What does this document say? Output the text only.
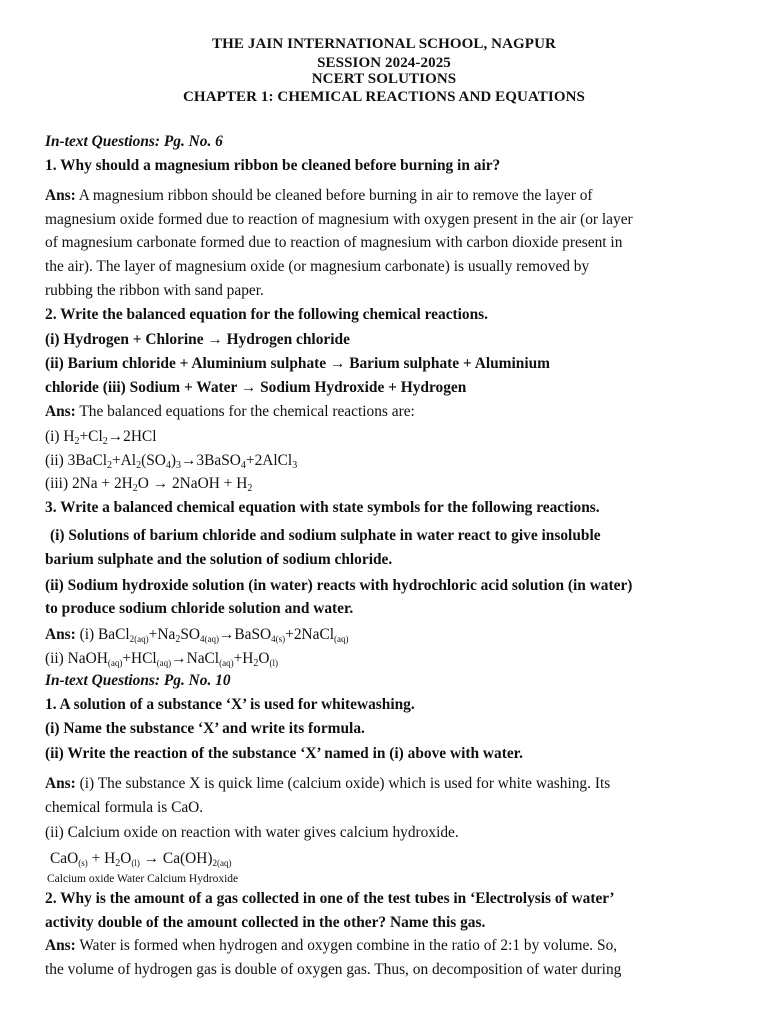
THE JAIN INTERNATIONAL SCHOOL, NAGPUR
SESSION 2024-2025
NCERT SOLUTIONS
CHAPTER 1: CHEMICAL REACTIONS AND EQUATIONS
In-text Questions: Pg. No. 6
1. Why should a magnesium ribbon be cleaned before burning in air?
Ans: A magnesium ribbon should be cleaned before burning in air to remove the layer of
magnesium oxide formed due to reaction of magnesium with oxygen present in the air (or layer
of magnesium carbonate formed due to reaction of magnesium with carbon dioxide present in
the air). The layer of magnesium oxide (or magnesium carbonate) is usually removed by
rubbing the ribbon with sand paper.
2. Write the balanced equation for the following chemical reactions.
(i) Hydrogen + Chlorine → Hydrogen chloride
(ii) Barium chloride + Aluminium sulphate → Barium sulphate + Aluminium
chloride (iii) Sodium + Water → Sodium Hydroxide + Hydrogen
Ans: The balanced equations for the chemical reactions are:
(i) $H_2+Cl_2\to 2HCl$
(ii) $3BaCl_2+Al_2(SO_4)_3\to 3BaSO_4+2AlCl_3$
(iii) $2Na + 2H_2O$ → 2NaOH + $H_2$
3. Write a balanced chemical equation with state symbols for the following reactions.
(i) Solutions of barium chloride and sodium sulphate in water react to give insoluble
barium sulphate and the solution of sodium chloride.
(ii) Sodium hydroxide solution (in water) reacts with hydrochloric acid solution (in water)
to produce sodium chloride solution and water.
Ans: (i) $BaCl_{2(aq)}+Na_2SO_{4(aq)}\to BaSO_{4(s)}+2NaCl_{(aq)}$
(ii) $NaOH_{(aq)}+HCl_{(aq)}\to NaCl_{(aq)}+H_2O_{(l)}$
In-text Questions: Pg. No. 10
1. A solution of a substance ‘X’ is used for whitewashing.
(i) Name the substance ‘X’ and write its formula.
(ii) Write the reaction of the substance ‘X’ named in (i) above with water.
Ans: (i) The substance X is quick lime (calcium oxide) which is used for white washing. Its
chemical formula is CaO.
(ii) Calcium oxide on reaction with water gives calcium hydroxide.
$CaO_{(s)} + H_2O_{(l)} \to Ca(OH)_{2(aq)}$
Calcium oxide Water Calcium Hydroxide
2. Why is the amount of a gas collected in one of the test tubes in ‘Electrolysis of water’
activity double of the amount collected in the other? Name this gas.
Ans: Water is formed when hydrogen and oxygen combine in the ratio of 2:1 by volume. So,
the volume of hydrogen gas is double of oxygen gas. Thus, on decomposition of water during
